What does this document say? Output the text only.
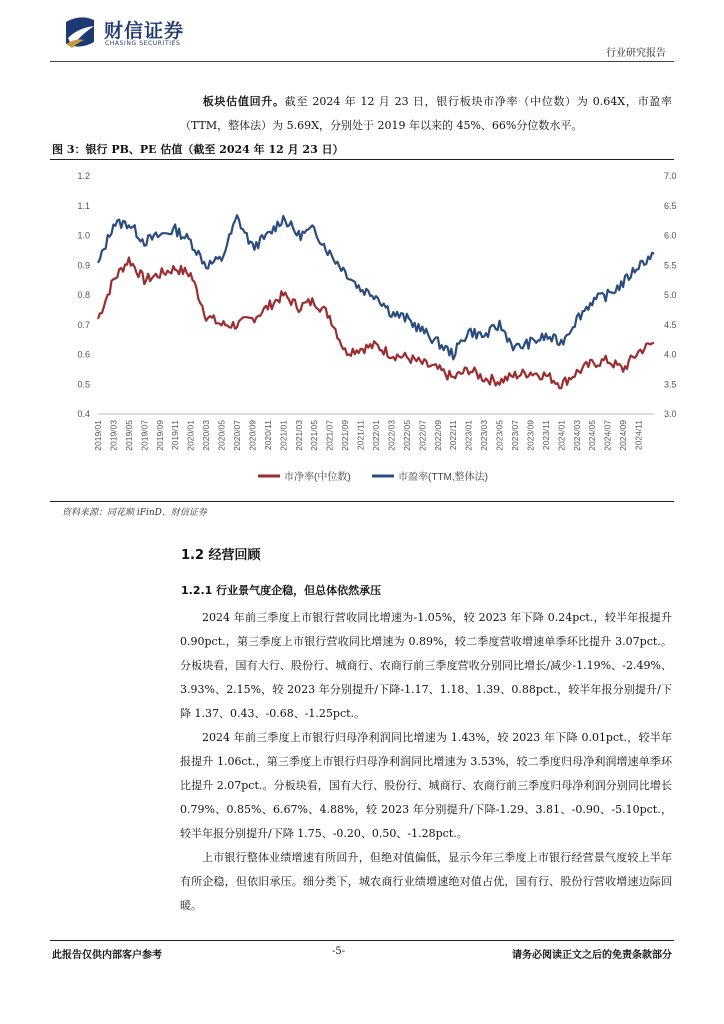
财信证券
CHASING SECURITIES
行业研究报告
板块估值回升。截至 2024 年 12 月 23 日，银行板块市净率（中位数）为 0.64X，市盈率（TTM，整体法）为 5.69X，分别处于 2019 年以来的 45%、66%分位数水平。
图 3：银行 PB、PE 估值（截至 2024 年 12 月 23 日）
0.4
0.5
0.6
0.7
0.8
0.9
1.0
1.1
1.2
3.0
3.5
4.0
4.5
5.0
5.5
6.0
6.5
7.0
2019/01 2019/03 2019/05 2019/07 2019/09 2019/11 2020/01 2020/03 2020/05 2020/07 2020/09 2020/11 2021/01 2021/03 2021/05 2021/07 2021/09 2021/11 2022/01 2022/03 2022/05 2022/07 2022/09 2022/11 2023/01 2023/03 2023/05 2023/07 2023/09 2023/11 2024/01 2024/03 2024/05 2024/07 2024/09 2024/11
市净率(中位数)	市盈率(TTM,整体法)
资料来源：同花顺 iFinD、财信证券
1.2 经营回顾
1.2.1 行业景气度企稳，但总体依然承压
2024 年前三季度上市银行营收同比增速为-1.05%，较 2023 年下降 0.24pct.，较半年报提升 0.90pct.，第三季度上市银行营收同比增速为 0.89%，较二季度营收增速单季环比提升 3.07pct.。分板块看，国有大行、股份行、城商行、农商行前三季度营收分别同比增长/减少-1.19%、-2.49%、3.93%、2.15%，较 2023 年分别提升/下降-1.17、1.18、1.39、0.88pct.，较半年报分别提升/下降 1.37、0.43、-0.68、-1.25pct.。
2024 年前三季度上市银行归母净利润同比增速为 1.43%，较 2023 年下降 0.01pct.，较半年报提升 1.06ct.，第三季度上市银行归母净利润同比增速为 3.53%，较二季度归母净利润增速单季环比提升 2.07pct.。分板块看，国有大行、股份行、城商行、农商行前三季度归母净利润分别同比增长 0.79%、0.85%、6.67%、4.88%，较 2023 年分别提升/下降-1.29、3.81、-0.90、-5.10pct.，较半年报分别提升/下降 1.75、-0.20、0.50、-1.28pct.。
上市银行整体业绩增速有所回升，但绝对值偏低，显示今年三季度上市银行经营景气度较上半年有所企稳，但依旧承压。细分类下，城农商行业绩增速绝对值占优，国有行、股份行营收增速边际回暖。
此报告仅供内部客户参考	-5-	请务必阅读正文之后的免责条款部分
